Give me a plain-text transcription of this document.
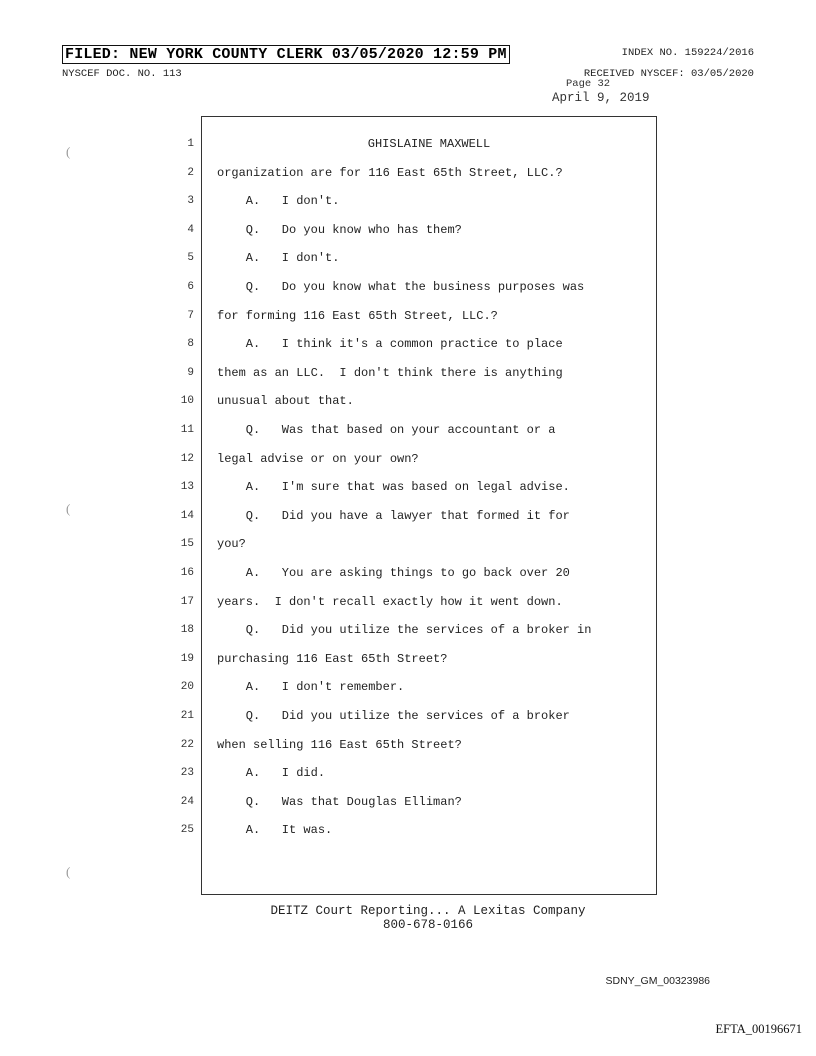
FILED: NEW YORK COUNTY CLERK 03/05/2020 12:59 PM
NYSCEF DOC. NO. 113
INDEX NO. 159224/2016
RECEIVED NYSCEF: 03/05/2020
Page 32
April 9, 2019
(
(
(
1
2
3
4
5
6
7
8
9
10
11
12
13
14
15
16
17
18
19
20
21
22
23
24
25
GHISLAINE MAXWELL
organization are for 116 East 65th Street, LLC.?
A.   I don't.
Q.   Do you know who has them?
A.   I don't.
Q.   Do you know what the business purposes was
for forming 116 East 65th Street, LLC.?
A.   I think it's a common practice to place
them as an LLC.  I don't think there is anything
unusual about that.
Q.   Was that based on your accountant or a
legal advise or on your own?
A.   I'm sure that was based on legal advise.
Q.   Did you have a lawyer that formed it for
you?
A.   You are asking things to go back over 20
years.  I don't recall exactly how it went down.
Q.   Did you utilize the services of a broker in
purchasing 116 East 65th Street?
A.   I don't remember.
Q.   Did you utilize the services of a broker
when selling 116 East 65th Street?
A.   I did.
Q.   Was that Douglas Elliman?
A.   It was.
DEITZ Court Reporting... A Lexitas Company
800-678-0166
SDNY_GM_00323986
EFTA_00196671
